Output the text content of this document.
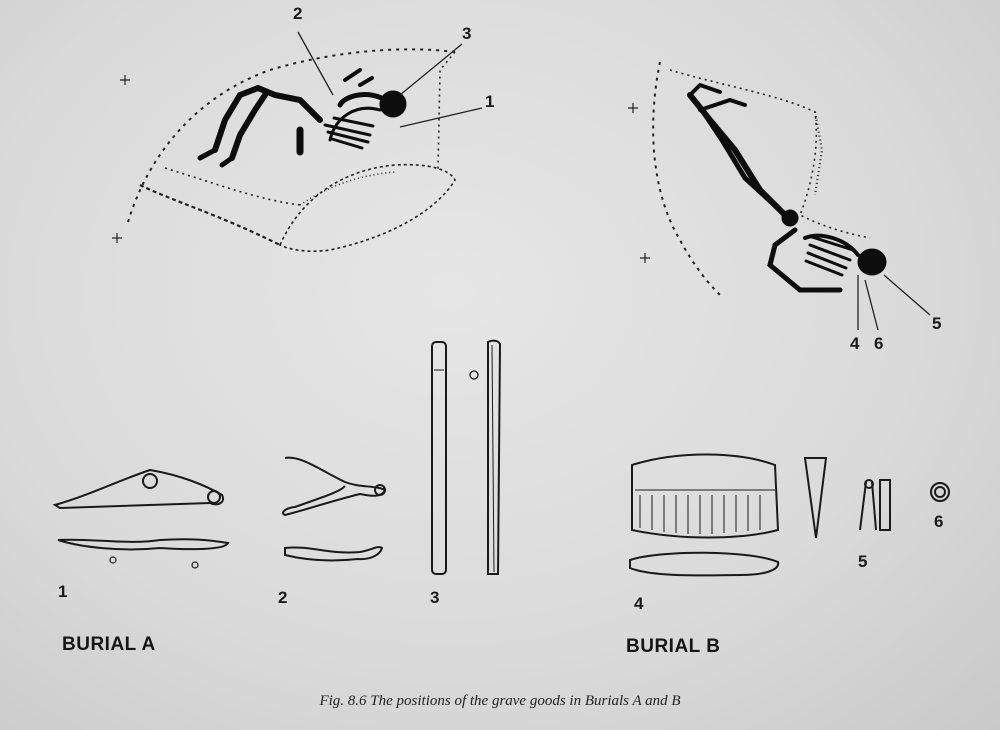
2
3
1
4 6
5
1	2	3	4
5
6
BURIAL A	BURIAL B
Fig. 8.6 The positions of the grave goods in Burials A and B
